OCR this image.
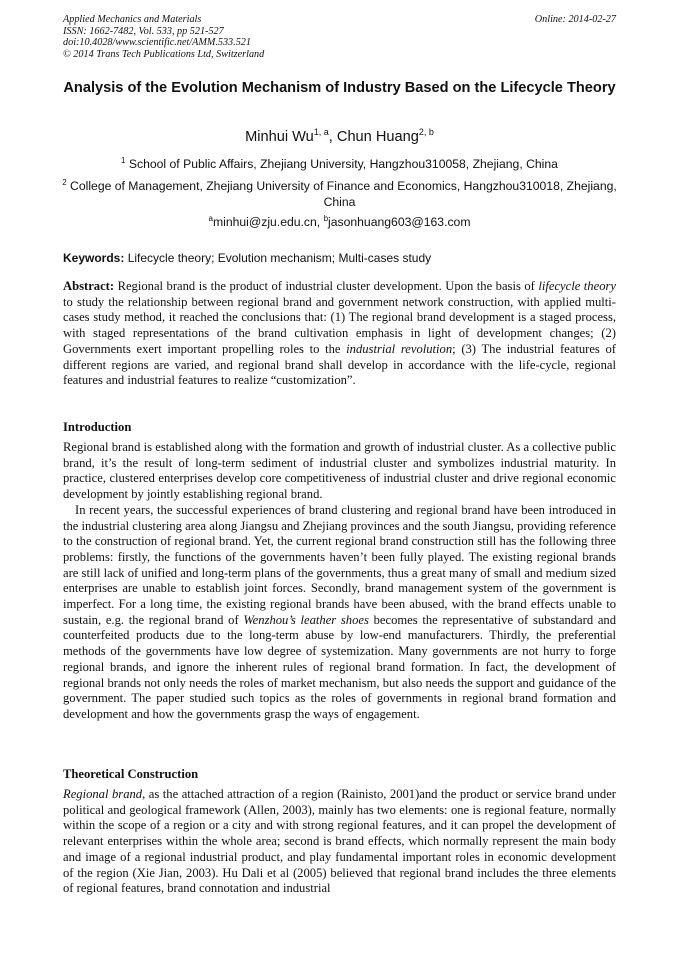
Applied Mechanics and Materials
ISSN: 1662-7482, Vol. 533, pp 521-527
doi:10.4028/www.scientific.net/AMM.533.521
© 2014 Trans Tech Publications Ltd, Switzerland
Online: 2014-02-27
Analysis of the Evolution Mechanism of Industry Based on the Lifecycle Theory
Minhui Wu$^{1, a}$, Chun Huang$^{2, b}$
$^1$ School of Public Affairs, Zhejiang University, Hangzhou310058, Zhejiang, China
$^2$ College of Management, Zhejiang University of Finance and Economics, Hangzhou310018, Zhejiang, China
$^a$minhui@zju.edu.cn, $^b$jasonhuang603@163.com
Keywords: Lifecycle theory; Evolution mechanism; Multi-cases study
Abstract: Regional brand is the product of industrial cluster development. Upon the basis of lifecycle theory to study the relationship between regional brand and government network construction, with applied multi-cases study method, it reached the conclusions that: (1) The regional brand development is a staged process, with staged representations of the brand cultivation emphasis in light of development changes; (2) Governments exert important propelling roles to the industrial revolution; (3) The industrial features of different regions are varied, and regional brand shall develop in accordance with the life-cycle, regional features and industrial features to realize “customization”.
Introduction

Regional brand is established along with the formation and growth of industrial cluster. As a collective public brand, it’s the result of long-term sediment of industrial cluster and symbolizes industrial maturity. In practice, clustered enterprises develop core competitiveness of industrial cluster and drive regional economic development by jointly establishing regional brand.

In recent years, the successful experiences of brand clustering and regional brand have been introduced in the industrial clustering area along Jiangsu and Zhejiang provinces and the south Jiangsu, providing reference to the construction of regional brand. Yet, the current regional brand construction still has the following three problems: firstly, the functions of the governments haven’t been fully played. The existing regional brands are still lack of unified and long-term plans of the governments, thus a great many of small and medium sized enterprises are unable to establish joint forces. Secondly, brand management system of the government is imperfect. For a long time, the existing regional brands have been abused, with the brand effects unable to sustain, e.g. the regional brand of Wenzhou’s leather shoes becomes the representative of substandard and counterfeited products due to the long-term abuse by low-end manufacturers. Thirdly, the preferential methods of the governments have low degree of systemization. Many governments are not hurry to forge regional brands, and ignore the inherent rules of regional brand formation. In fact, the development of regional brands not only needs the roles of market mechanism, but also needs the support and guidance of the government. The paper studied such topics as the roles of governments in regional brand formation and development and how the governments grasp the ways of engagement.

Theoretical Construction

Regional brand, as the attached attraction of a region (Rainisto, 2001)and the product or service brand under political and geological framework (Allen, 2003), mainly has two elements: one is regional feature, normally within the scope of a region or a city and with strong regional features, and it can propel the development of relevant enterprises within the whole area; second is brand effects, which normally represent the main body and image of a regional industrial product, and play fundamental important roles in economic development of the region (Xie Jian, 2003). Hu Dali et al (2005) believed that regional brand includes the three elements of regional features, brand connotation and industrial
